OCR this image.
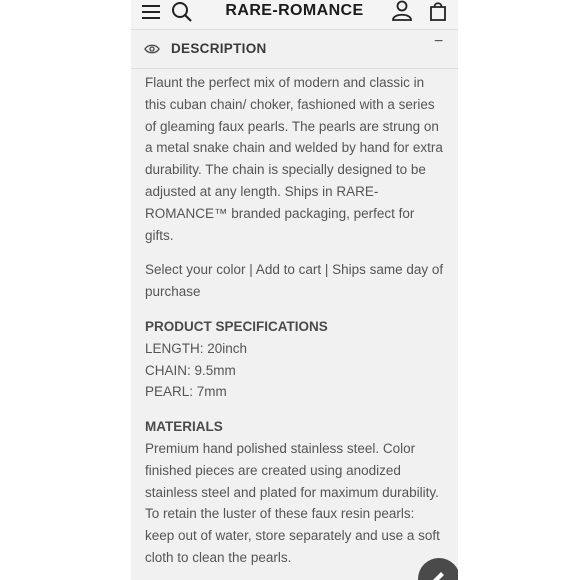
RARE-ROMANCE
DESCRIPTION	−

Flaunt the perfect mix of modern and classic in this cuban chain/ choker, fashioned with a series of gleaming faux pearls. The pearls are strung on a metal snake chain and welded by hand for extra durability. The chain is specially designed to be adjusted at any length. Ships in RARE-ROMANCE™ branded packaging, perfect for gifts.

Select your color | Add to cart | Ships same day of purchase

PRODUCT SPECIFICATIONS

LENGTH: 20inch

CHAIN: 9.5mm

PEARL: 7mm

MATERIALS

Premium hand polished stainless steel. Color finished pieces are created using anodized stainless steel and plated for maximum durability. To retain the luster of these faux resin pearls: keep out of water, store separately and use a soft cloth to clean the pearls.
